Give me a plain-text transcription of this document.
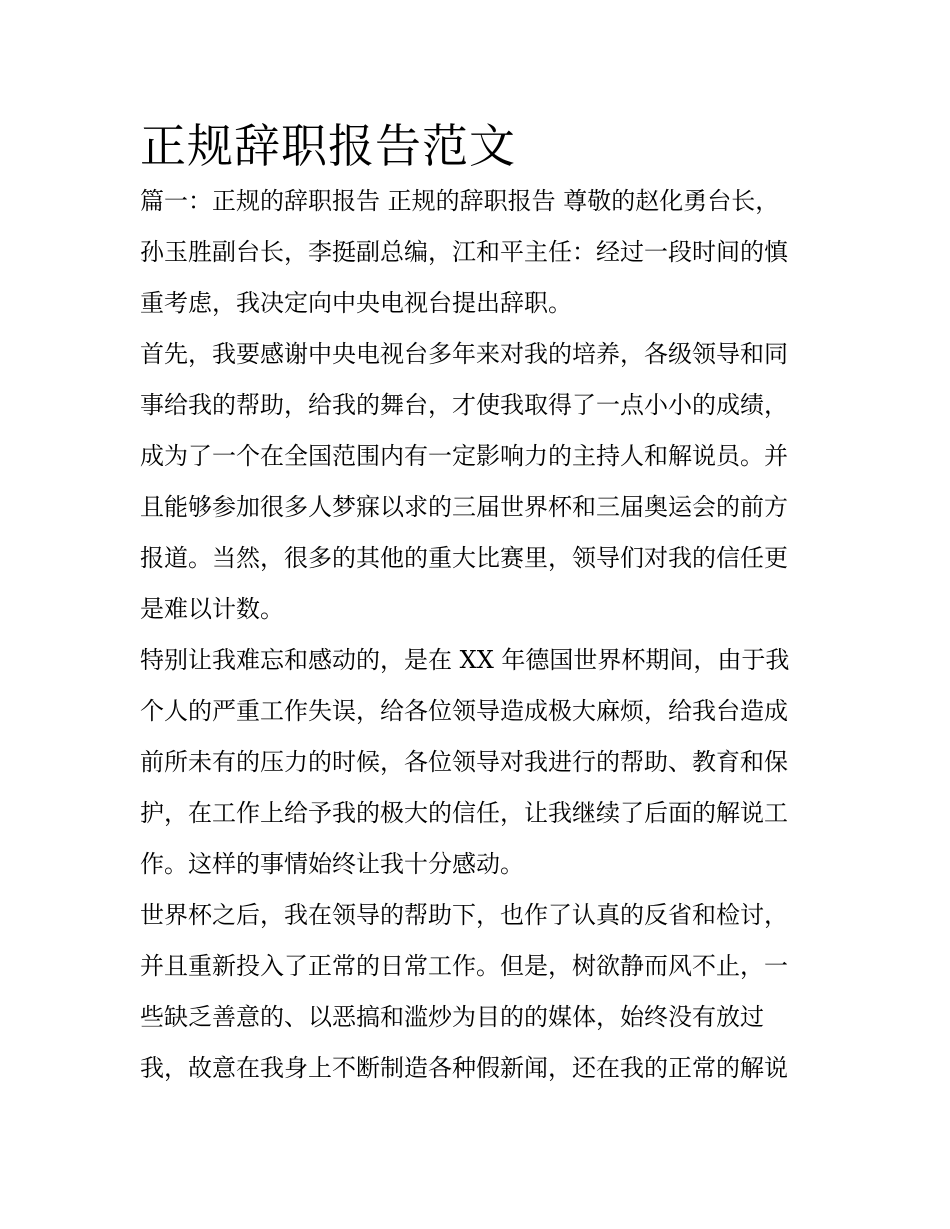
正规辞职报告范文
篇一：正规的辞职报告 正规的辞职报告 尊敬的赵化勇台长，
孙玉胜副台长，李挺副总编，江和平主任：经过一段时间的慎
重考虑，我决定向中央电视台提出辞职。
首先，我要感谢中央电视台多年来对我的培养，各级领导和同
事给我的帮助，给我的舞台，才使我取得了一点小小的成绩，
成为了一个在全国范围内有一定影响力的主持人和解说员。并
且能够参加很多人梦寐以求的三届世界杯和三届奥运会的前方
报道。当然，很多的其他的重大比赛里，领导们对我的信任更
是难以计数。
特别让我难忘和感动的，是在 XX 年德国世界杯期间，由于我
个人的严重工作失误，给各位领导造成极大麻烦，给我台造成
前所未有的压力的时候，各位领导对我进行的帮助、教育和保
护，在工作上给予我的极大的信任，让我继续了后面的解说工
作。这样的事情始终让我十分感动。
世界杯之后，我在领导的帮助下，也作了认真的反省和检讨，
并且重新投入了正常的日常工作。但是，树欲静而风不止，一
些缺乏善意的、以恶搞和滥炒为目的的媒体，始终没有放过
我，故意在我身上不断制造各种假新闻，还在我的正常的解说
